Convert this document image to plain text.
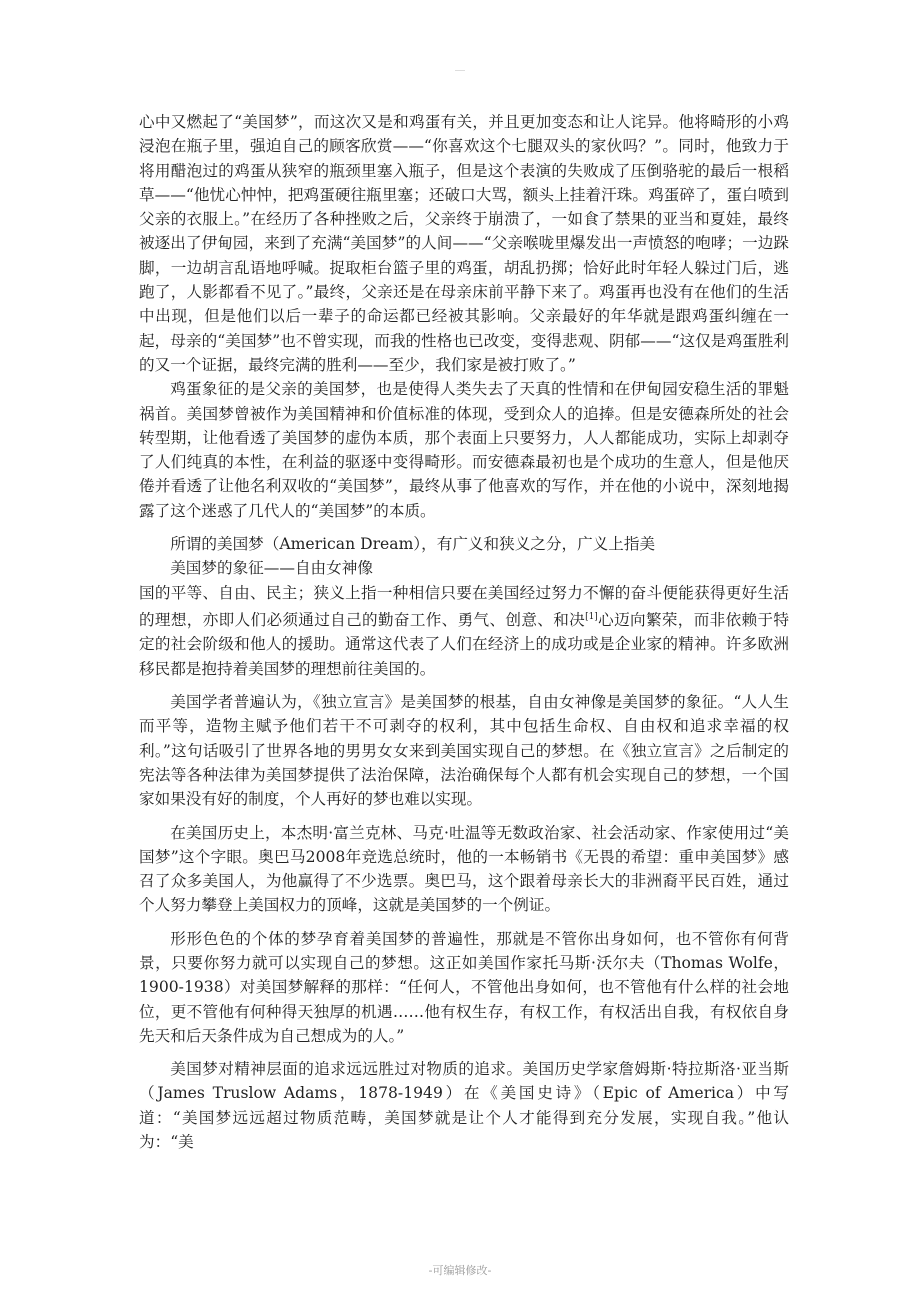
心中又燃起了“美国梦”，而这次又是和鸡蛋有关，并且更加变态和让人诧异。他将畸形的小鸡浸泡在瓶子里，强迫自己的顾客欣赏——“你喜欢这个七腿双头的家伙吗？”。同时，他致力于将用醋泡过的鸡蛋从狭窄的瓶颈里塞入瓶子，但是这个表演的失败成了压倒骆驼的最后一根稻草——“他忧心忡忡，把鸡蛋硬往瓶里塞；还破口大骂，额头上挂着汗珠。鸡蛋碎了，蛋白喷到父亲的衣服上。”在经历了各种挫败之后，父亲终于崩溃了，一如食了禁果的亚当和夏娃，最终被逐出了伊甸园，来到了充满“美国梦”的人间——“父亲喉咙里爆发出一声愤怒的咆哮；一边跺脚，一边胡言乱语地呼喊。捉取柜台篮子里的鸡蛋，胡乱扔掷；恰好此时年轻人躲过门后，逃跑了，人影都看不见了。”最终，父亲还是在母亲床前平静下来了。鸡蛋再也没有在他们的生活中出现，但是他们以后一辈子的命运都已经被其影响。父亲最好的年华就是跟鸡蛋纠缠在一起，母亲的“美国梦”也不曾实现，而我的性格也已改变，变得悲观、阴郁——“这仅是鸡蛋胜利的又一个证据，最终完满的胜利——至少，我们家是被打败了。”

鸡蛋象征的是父亲的美国梦，也是使得人类失去了天真的性情和在伊甸园安稳生活的罪魁祸首。美国梦曾被作为美国精神和价值标准的体现，受到众人的追捧。但是安德森所处的社会转型期，让他看透了美国梦的虚伪本质，那个表面上只要努力，人人都能成功，实际上却剥夺了人们纯真的本性，在利益的驱逐中变得畸形。而安德森最初也是个成功的生意人，但是他厌倦并看透了让他名利双收的“美国梦”，最终从事了他喜欢的写作，并在他的小说中，深刻地揭露了这个迷惑了几代人的“美国梦”的本质。

所谓的美国梦（American Dream），有广义和狭义之分，广义上指美

美国梦的象征——自由女神像

国的平等、自由、民主；狭义上指一种相信只要在美国经过努力不懈的奋斗便能获得更好生活的理想，亦即人们必须通过自己的勤奋工作、勇气、创意、和决[1]心迈向繁荣，而非依赖于特定的社会阶级和他人的援助。通常这代表了人们在经济上的成功或是企业家的精神。许多欧洲移民都是抱持着美国梦的理想前往美国的。

美国学者普遍认为，《独立宣言》是美国梦的根基，自由女神像是美国梦的象征。“人人生而平等，造物主赋予他们若干不可剥夺的权利，其中包括生命权、自由权和追求幸福的权利。”这句话吸引了世界各地的男男女女来到美国实现自己的梦想。在《独立宣言》之后制定的宪法等各种法律为美国梦提供了法治保障，法治确保每个人都有机会实现自己的梦想，一个国家如果没有好的制度，个人再好的梦也难以实现。

在美国历史上，本杰明·富兰克林、马克·吐温等无数政治家、社会活动家、作家使用过“美国梦”这个字眼。奥巴马2008年竞选总统时，他的一本畅销书《无畏的希望：重申美国梦》感召了众多美国人，为他赢得了不少选票。奥巴马，这个跟着母亲长大的非洲裔平民百姓，通过个人努力攀登上美国权力的顶峰，这就是美国梦的一个例证。

形形色色的个体的梦孕育着美国梦的普遍性，那就是不管你出身如何，也不管你有何背景，只要你努力就可以实现自己的梦想。这正如美国作家托马斯·沃尔夫（Thomas Wolfe，1900-1938）对美国梦解释的那样：“任何人，不管他出身如何，也不管他有什么样的社会地位，更不管他有何种得天独厚的机遇……他有权生存，有权工作，有权活出自我，有权依自身先天和后天条件成为自己想成为的人。”

美国梦对精神层面的追求远远胜过对物质的追求。美国历史学家詹姆斯·特拉斯洛·亚当斯（James Truslow Adams，1878-1949）在《美国史诗》（Epic of America）中写道：“美国梦远远超过物质范畴，美国梦就是让个人才能得到充分发展，实现自我。”他认为：“美

-可编辑修改-
